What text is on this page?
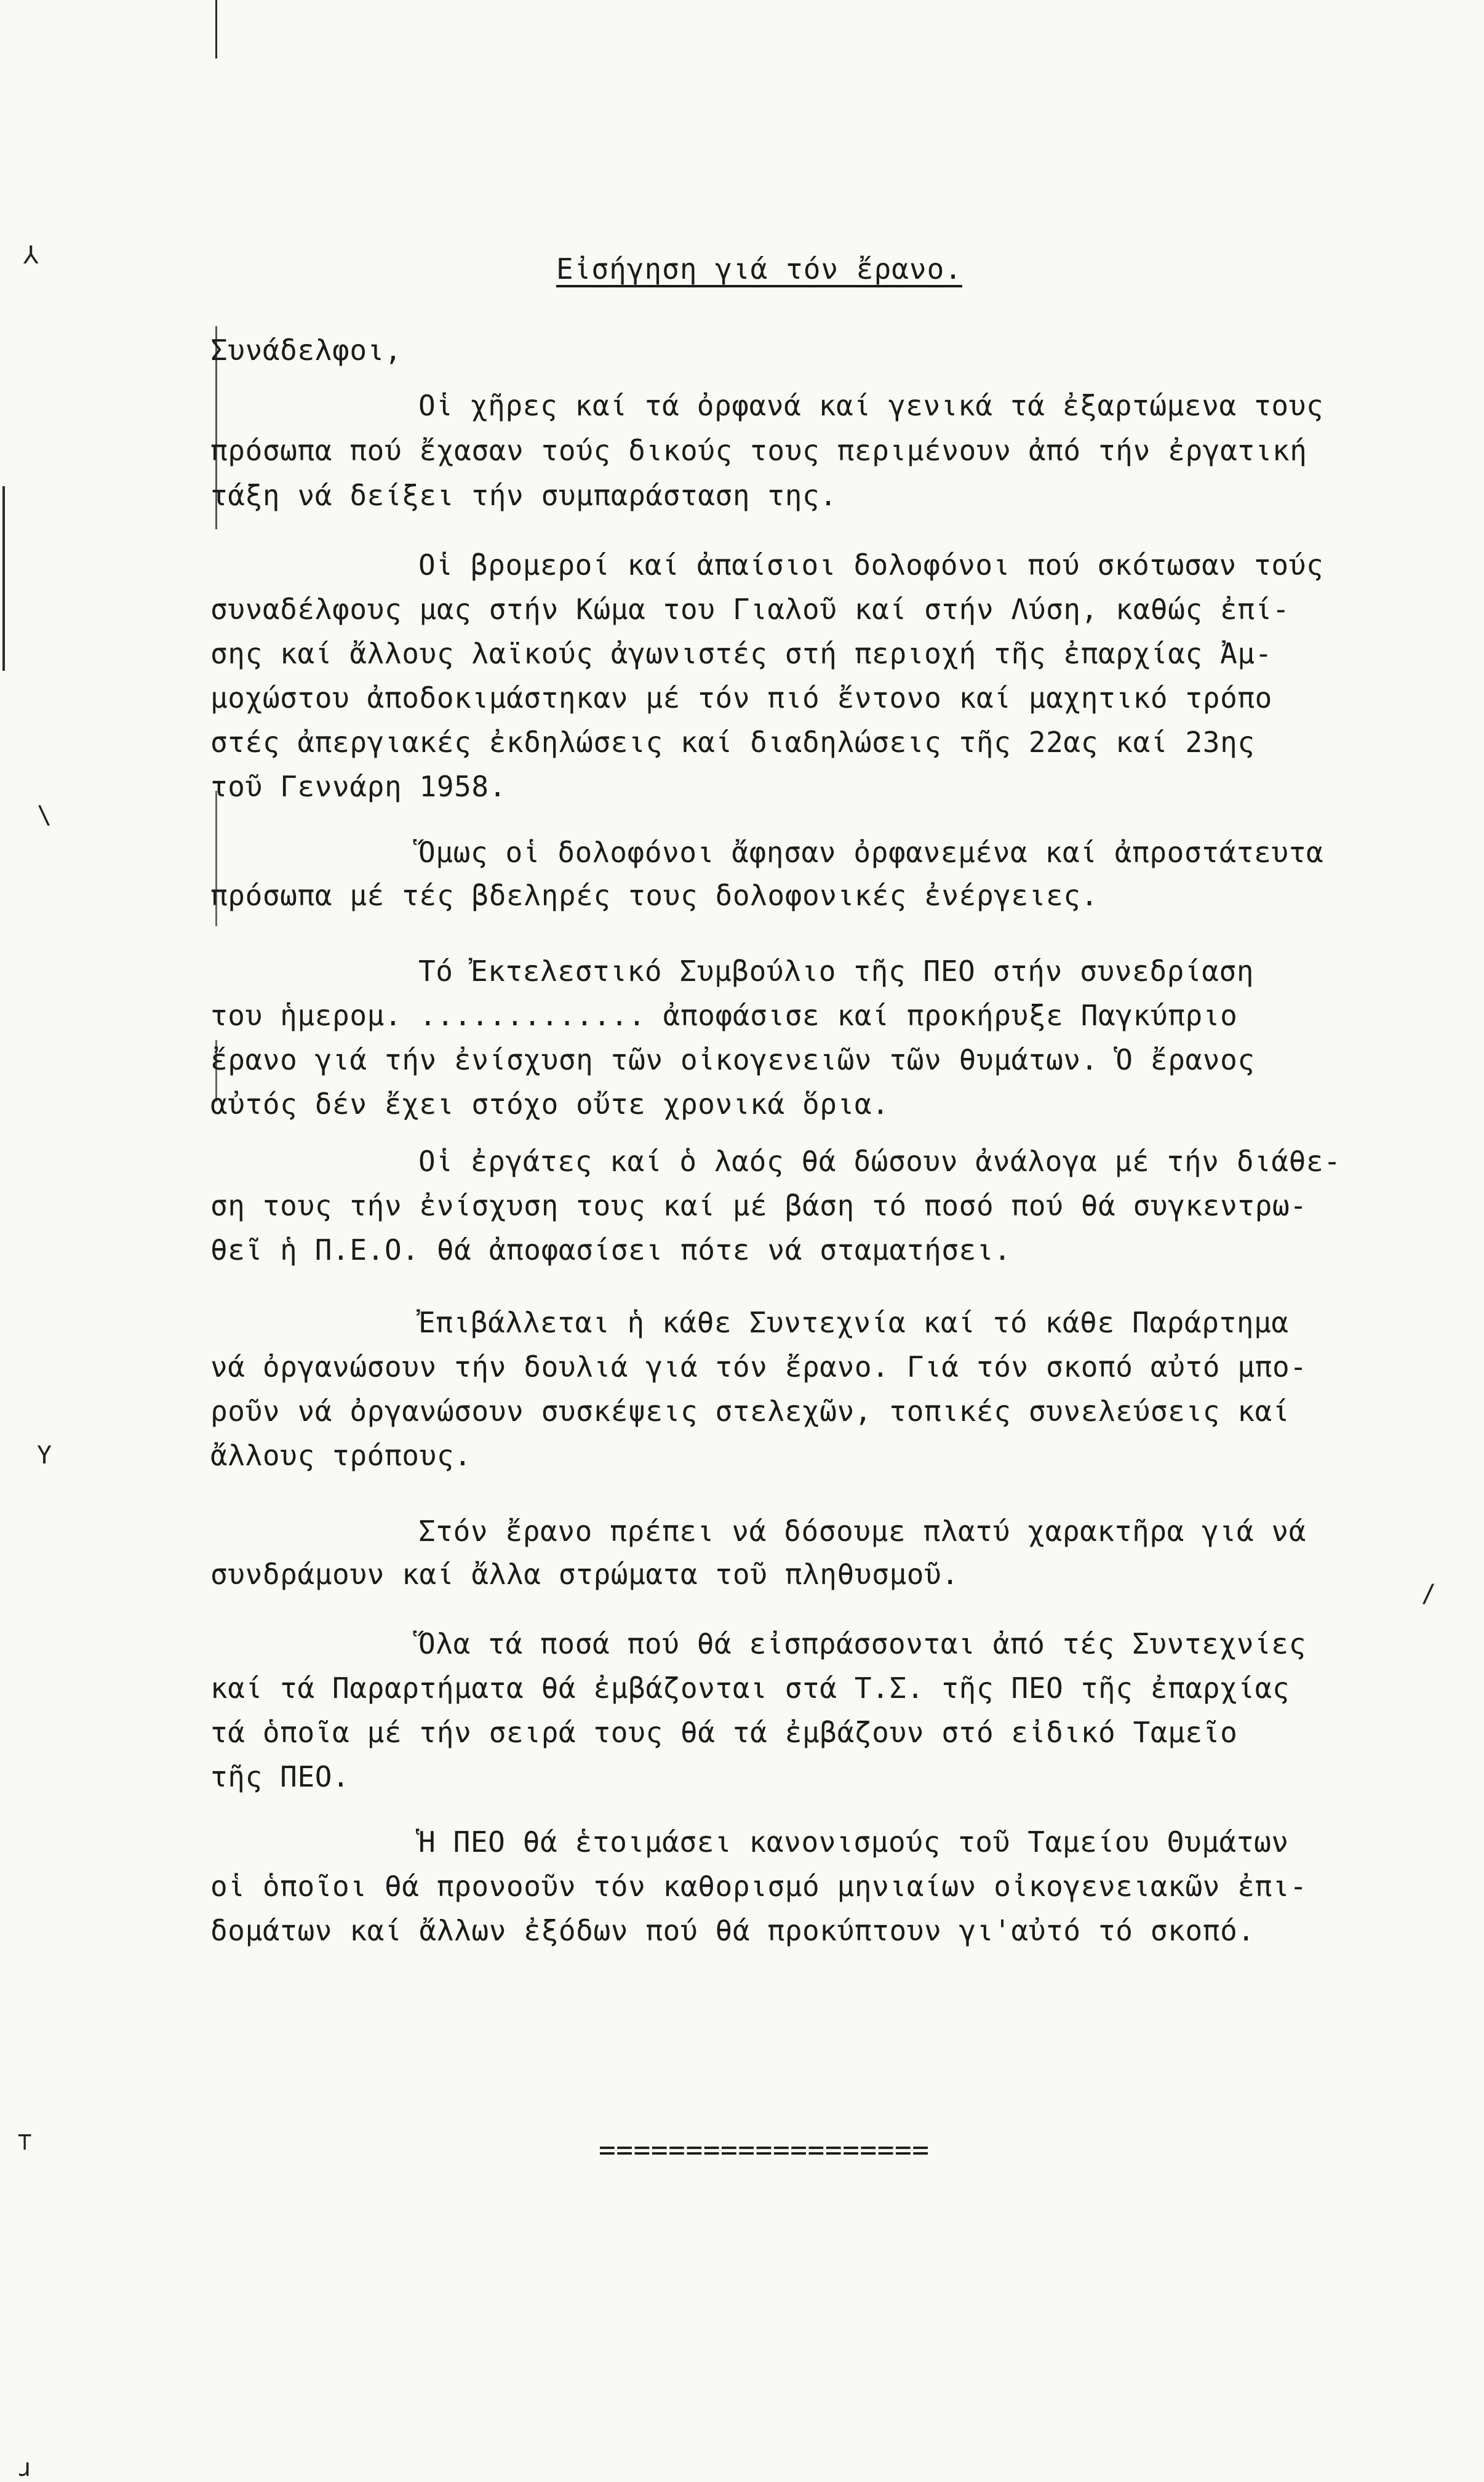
⅄
\
Y
ɹ
⊤
/
Εἰσήγηση γιά τόν ἔρανο.
Συνάδελφοι,
Οἱ χῆρες καί τά ὀρφανά καί γενικά τά ἐξαρτώμενα τους
πρόσωπα πού ἔχασαν τούς δικούς τους περιμένουν ἀπό τήν ἐργατική
τάξη νά δείξει τήν συμπαράσταση της.
Οἱ βρομεροί καί ἀπαίσιοι δολοφόνοι πού σκότωσαν τούς
συναδέλφους μας στήν Κώμα του Γιαλοῦ καί στήν Λύση, καθώς ἐπί-
σης καί ἄλλους λαϊκούς ἀγωνιστές στή περιοχή τῆς ἐπαρχίας Ἀμ-
μοχώστου ἀποδοκιμάστηκαν μέ τόν πιό ἔντονο καί μαχητικό τρόπο
στές ἀπεργιακές ἐκδηλώσεις καί διαδηλώσεις τῆς 22ας καί 23ης
τοῦ Γεννάρη 1958.
Ὅμως οἱ δολοφόνοι ἄφησαν ὀρφανεμένα καί ἀπροστάτευτα
πρόσωπα μέ τές βδεληρές τους δολοφονικές ἐνέργειες.
Τό Ἐκτελεστικό Συμβούλιο τῆς ΠΕΟ στήν συνεδρίαση
του ἡμερομ. ............. ἀποφάσισε καί προκήρυξε Παγκύπριο
ἔρανο γιά τήν ἐνίσχυση τῶν οἰκογενειῶν τῶν θυμάτων. Ὁ ἔρανος
αὐτός δέν ἔχει στόχο οὔτε χρονικά ὅρια.
Οἱ ἐργάτες καί ὁ λαός θά δώσουν ἀνάλογα μέ τήν διάθε-
ση τους τήν ἐνίσχυση τους καί μέ βάση τό ποσό πού θά συγκεντρω-
θεῖ ἡ Π.Ε.Ο. θά ἀποφασίσει πότε νά σταματήσει.
Ἐπιβάλλεται ἡ κάθε Συντεχνία καί τό κάθε Παράρτημα
νά ὀργανώσουν τήν δουλιά γιά τόν ἔρανο. Γιά τόν σκοπό αὐτό μπο-
ροῦν νά ὀργανώσουν συσκέψεις στελεχῶν, τοπικές συνελεύσεις καί
ἄλλους τρόπους.
Στόν ἔρανο πρέπει νά δόσουμε πλατύ χαρακτῆρα γιά νά
συνδράμουν καί ἄλλα στρώματα τοῦ πληθυσμοῦ.
Ὅλα τά ποσά πού θά εἰσπράσσονται ἀπό τές Συντεχνίες
καί τά Παραρτήματα θά ἐμβάζονται στά Τ.Σ. τῆς ΠΕΟ τῆς ἐπαρχίας
τά ὁποῖα μέ τήν σειρά τους θά τά ἐμβάζουν στό εἰδικό Ταμεῖο
τῆς ΠΕΟ.
Ἡ ΠΕΟ θά ἑτοιμάσει κανονισμούς τοῦ Ταμείου Θυμάτων
οἱ ὁποῖοι θά προνοοῦν τόν καθορισμό μηνιαίων οἰκογενειακῶν ἐπι-
δομάτων καί ἄλλων ἐξόδων πού θά προκύπτουν γι'αὐτό τό σκοπό.
===================
